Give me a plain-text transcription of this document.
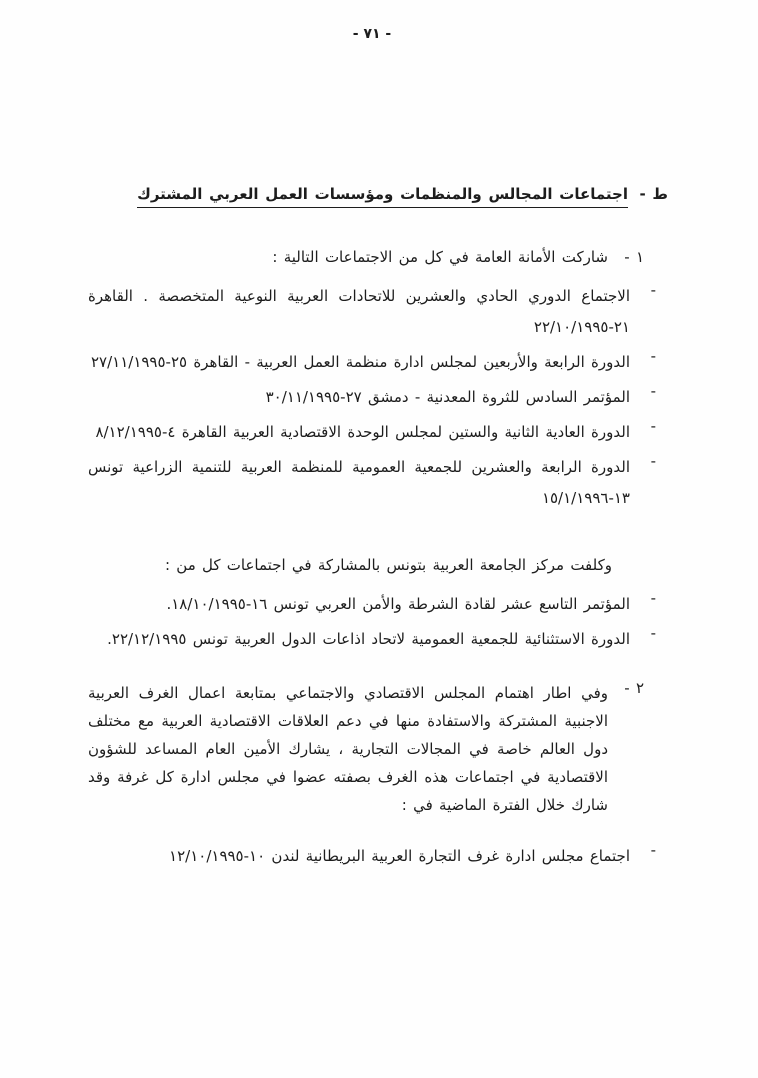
- ٧١ -
ط -
اجتماعات المجالس والمنظمات ومؤسسات العمل العربي المشترك
١ -
شاركت الأمانة العامة في كل من الاجتماعات التالية :
-
الاجتماع الدوري الحادي والعشرين للاتحادات العربية النوعية المتخصصة . القاهرة ٢١-٢٢/١٠/١٩٩٥
-
الدورة الرابعة والأربعين لمجلس ادارة منظمة العمل العربية - القاهرة ٢٥-٢٧/١١/١٩٩٥
-
المؤتمر السادس للثروة المعدنية - دمشق ٢٧-٣٠/١١/١٩٩٥
-
الدورة العادية الثانية والستين لمجلس الوحدة الاقتصادية العربية القاهرة ٤-٨/١٢/١٩٩٥
-
الدورة الرابعة والعشرين للجمعية العمومية للمنظمة العربية للتنمية الزراعية تونس ١٣-١٥/١/١٩٩٦
وكلفت مركز الجامعة العربية بتونس بالمشاركة في اجتماعات كل من :
-
المؤتمر التاسع عشر لقادة الشرطة والأمن العربي تونس ١٦-١٨/١٠/١٩٩٥.
-
الدورة الاستثنائية للجمعية العمومية لاتحاد اذاعات الدول العربية تونس ٢٢/١٢/١٩٩٥.
٢ -
وفي اطار اهتمام المجلس الاقتصادي والاجتماعي بمتابعة اعمال الغرف العربية الاجنبية المشتركة والاستفادة منها في دعم العلاقات الاقتصادية العربية مع مختلف دول العالم خاصة في المجالات التجارية ، يشارك الأمين العام المساعد للشؤون الاقتصادية في اجتماعات هذه الغرف بصفته عضوا في مجلس ادارة كل غرفة وقد شارك خلال الفترة الماضية في :
-
اجتماع مجلس ادارة غرف التجارة العربية البريطانية لندن ١٠-١٢/١٠/١٩٩٥
